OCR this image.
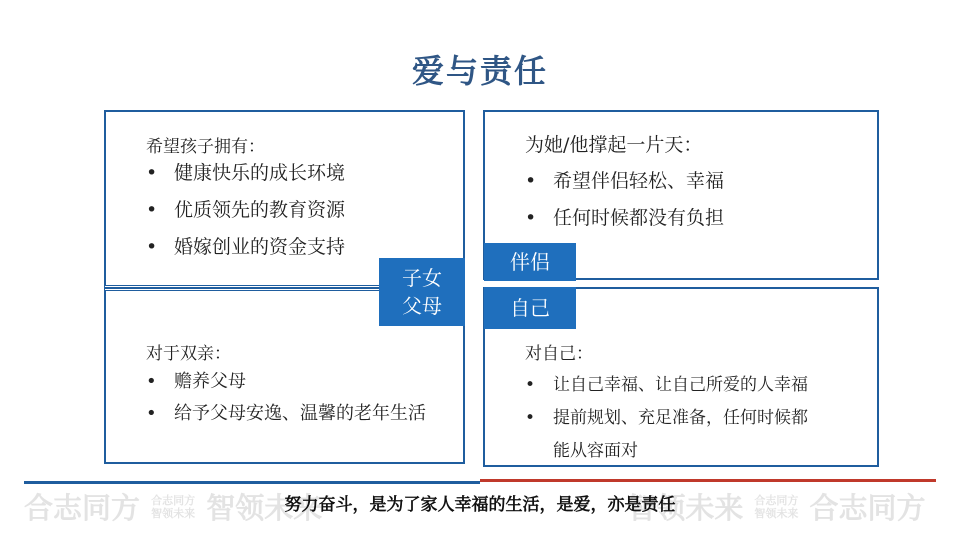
爱与责任
希望孩子拥有：
• 健康快乐的成长环境
• 优质领先的教育资源
• 婚嫁创业的资金支持
对于双亲：
• 赡养父母
• 给予父母安逸、温馨的老年生活
为她/他撑起一片天：
• 希望伴侣轻松、幸福
• 任何时候都没有负担
对自己：
• 让自己幸福、让自己所爱的人幸福
• 提前规划、充足准备，任何时候都
能从容面对
子女
父母
伴侣
自己
合志同方 合志同方
智领未来 智领未来	智领未来 合志同方
智领未来 合志同方
努力奋斗，是为了家人幸福的生活，是爱，亦是责任
